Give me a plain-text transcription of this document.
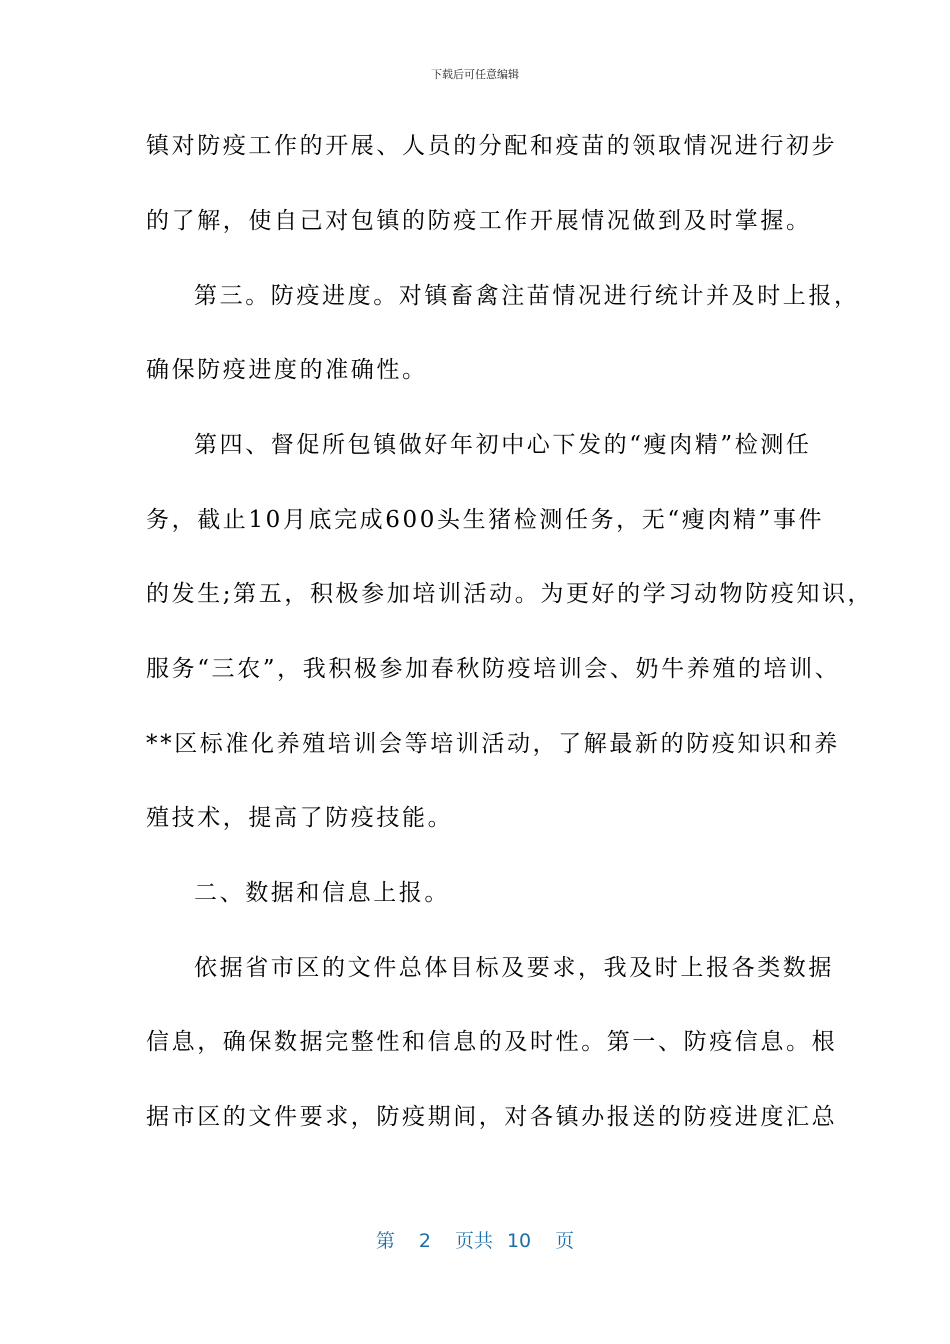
下载后可任意编辑
镇对防疫工作的开展、人员的分配和疫苗的领取情况进行初步
的了解，使自己对包镇的防疫工作开展情况做到及时掌握。
第三。防疫进度。对镇畜禽注苗情况进行统计并及时上报，
确保防疫进度的准确性。
第四、督促所包镇做好年初中心下发的“瘦肉精”检测任
务，截止10月底完成600头生猪检测任务，无“瘦肉精”事件
的发生;第五，积极参加培训活动。为更好的学习动物防疫知识，
服务“三农”，我积极参加春秋防疫培训会、奶牛养殖的培训、
**区标准化养殖培训会等培训活动，了解最新的防疫知识和养
殖技术，提高了防疫技能。
二、数据和信息上报。
依据省市区的文件总体目标及要求，我及时上报各类数据
信息，确保数据完整性和信息的及时性。第一、防疫信息。根
据市区的文件要求，防疫期间，对各镇办报送的防疫进度汇总
第 2 页共 10 页
